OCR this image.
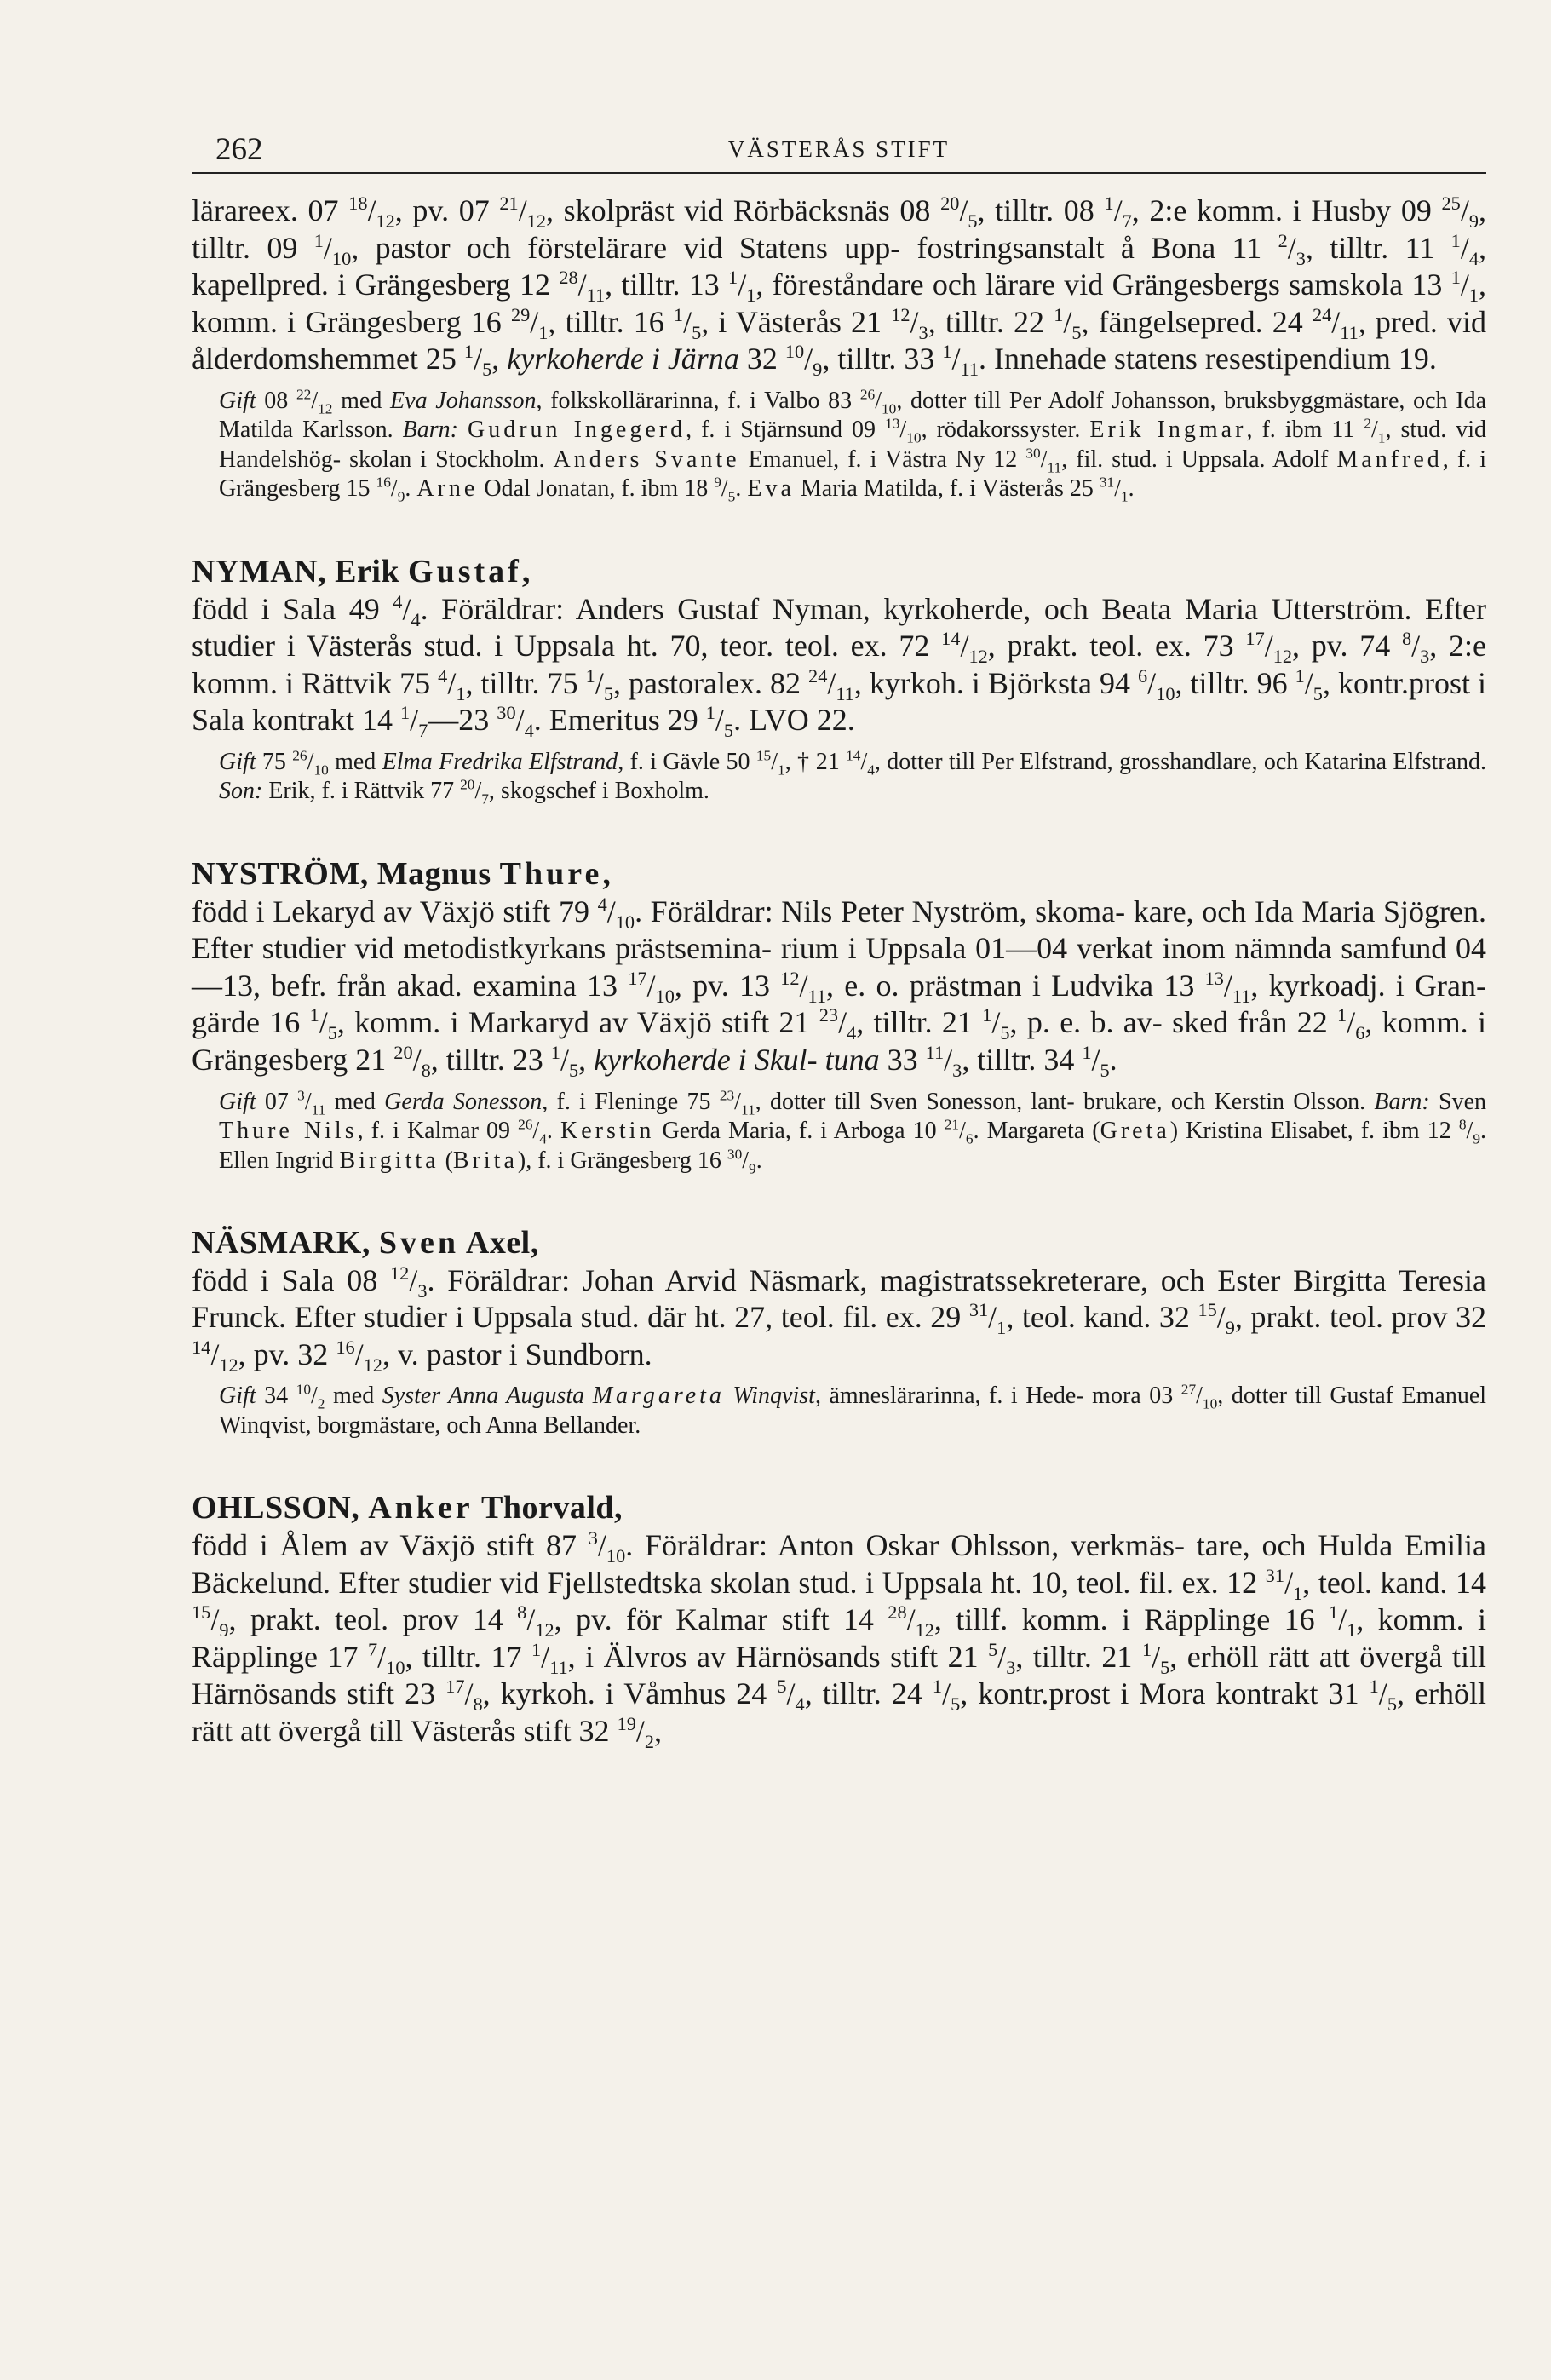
262	VÄSTERÅS STIFT

lärareex. 07 $^{18}/_{12}$, pv. 07 $^{21}/_{12}$, skolpräst vid Rörbäcksnäs 08 $^{20}/_5$, tilltr. 08 $^1/_7$, 2:e komm. i Husby 09 $^{25}/_9$, tilltr. 09 $^1/_{10}$, pastor och förstelärare vid Statens upp- fostringsanstalt å Bona 11 $^2/_3$, tilltr. 11 $^1/_4$, kapellpred. i Grängesberg 12 $^{28}/_{11}$, tilltr. 13 $^1/_1$, föreståndare och lärare vid Grängesbergs samskola 13 $^1/_1$, komm. i Grängesberg 16 $^{29}/_1$, tilltr. 16 $^1/_5$, i Västerås 21 $^{12}/_3$, tilltr. 22 $^1/_5$, fängelsepred. 24 $^{24}/_{11}$, pred. vid ålderdomshemmet 25 $^1/_5$, kyrkoherde i Järna 32 $^{10}/_9$, tilltr. 33 $^1/_{11}$. Innehade statens resestipendium 19.

Gift 08 $^{22}/_{12}$ med Eva Johansson, folkskollärarinna, f. i Valbo 83 $^{26}/_{10}$, dotter till Per Adolf Johansson, bruksbyggmästare, och Ida Matilda Karlsson. Barn: Gudrun Ingegerd, f. i Stjärnsund 09 $^{13}/_{10}$, rödakorssyster. Erik Ingmar, f. ibm 11 $^2/_1$, stud. vid Handelshög- skolan i Stockholm. Anders Svante Emanuel, f. i Västra Ny 12 $^{30}/_{11}$, fil. stud. i Uppsala. Adolf Manfred, f. i Grängesberg 15 $^{16}/_9$. Arne Odal Jonatan, f. ibm 18 $^9/_5$. Eva Maria Matilda, f. i Västerås 25 $^{31}/_1$.

NYMAN, Erik Gustaf,
född i Sala 49 $^4/_4$. Föräldrar: Anders Gustaf Nyman, kyrkoherde, och Beata Maria Utterström. Efter studier i Västerås stud. i Uppsala ht. 70, teor. teol. ex. 72 $^{14}/_{12}$, prakt. teol. ex. 73 $^{17}/_{12}$, pv. 74 $^8/_3$, 2:e komm. i Rättvik 75 $^4/_1$, tilltr. 75 $^1/_5$, pastoralex. 82 $^{24}/_{11}$, kyrkoh. i Björksta 94 $^6/_{10}$, tilltr. 96 $^1/_5$, kontr.prost i Sala kontrakt 14 $^1/_7—23$ $^{30}/_4$. Emeritus 29 $^1/_5$. LVO 22.

Gift 75 $^{26}/_{10}$ med Elma Fredrika Elfstrand, f. i Gävle 50 $^{15}/_1$, † 21 $^{14}/_4$, dotter till Per Elfstrand, grosshandlare, och Katarina Elfstrand. Son: Erik, f. i Rättvik 77 $^{20}/_7$, skogschef i Boxholm.

NYSTRÖM, Magnus Thure,
född i Lekaryd av Växjö stift 79 $^4/_{10}$. Föräldrar: Nils Peter Nyström, skoma- kare, och Ida Maria Sjögren. Efter studier vid metodistkyrkans prästsemina- rium i Uppsala 01—04 verkat inom nämnda samfund 04—13, befr. från akad. examina 13 $^{17}/_{10}$, pv. 13 $^{12}/_{11}$, e. o. prästman i Ludvika 13 $^{13}/_{11}$, kyrkoadj. i Gran- gärde 16 $^1/_5$, komm. i Markaryd av Växjö stift 21 $^{23}/_4$, tilltr. 21 $^1/_5$, p. e. b. av- sked från 22 $^1/_6$, komm. i Grängesberg 21 $^{20}/_8$, tilltr. 23 $^1/_5$, kyrkoherde i Skul- tuna 33 $^{11}/_3$, tilltr. 34 $^1/_5$.

Gift 07 $^3/_{11}$ med Gerda Sonesson, f. i Fleninge 75 $^{23}/_{11}$, dotter till Sven Sonesson, lant- brukare, och Kerstin Olsson. Barn: Sven Thure Nils, f. i Kalmar 09 $^{26}/_4$. Kerstin Gerda Maria, f. i Arboga 10 $^{21}/_6$. Margareta (Greta) Kristina Elisabet, f. ibm 12 $^8/_9$. Ellen Ingrid Birgitta (Brita), f. i Grängesberg 16 $^{30}/_9$.

NÄSMARK, Sven Axel,
född i Sala 08 $^{12}/_3$. Föräldrar: Johan Arvid Näsmark, magistratssekreterare, och Ester Birgitta Teresia Frunck. Efter studier i Uppsala stud. där ht. 27, teol. fil. ex. 29 $^{31}/_1$, teol. kand. 32 $^{15}/_9$, prakt. teol. prov 32 $^{14}/_{12}$, pv. 32 $^{16}/_{12}$, v. pastor i Sundborn.

Gift 34 $^{10}/_2$ med Syster Anna Augusta Margareta Winqvist, ämneslärarinna, f. i Hede- mora 03 $^{27}/_{10}$, dotter till Gustaf Emanuel Winqvist, borgmästare, och Anna Bellander.

OHLSSON, Anker Thorvald,
född i Ålem av Växjö stift 87 $^3/_{10}$. Föräldrar: Anton Oskar Ohlsson, verkmäs- tare, och Hulda Emilia Bäckelund. Efter studier vid Fjellstedtska skolan stud. i Uppsala ht. 10, teol. fil. ex. 12 $^{31}/_1$, teol. kand. 14 $^{15}/_9$, prakt. teol. prov 14 $^8/_{12}$, pv. för Kalmar stift 14 $^{28}/_{12}$, tillf. komm. i Räpplinge 16 $^1/_1$, komm. i Räpplinge 17 $^7/_{10}$, tilltr. 17 $^1/_{11}$, i Älvros av Härnösands stift 21 $^5/_3$, tilltr. 21 $^1/_5$, erhöll rätt att övergå till Härnösands stift 23 $^{17}/_8$, kyrkoh. i Våmhus 24 $^5/_4$, tilltr. 24 $^1/_5$, kontr.prost i Mora kontrakt 31 $^1/_5$, erhöll rätt att övergå till Västerås stift 32 $^{19}/_2$,
